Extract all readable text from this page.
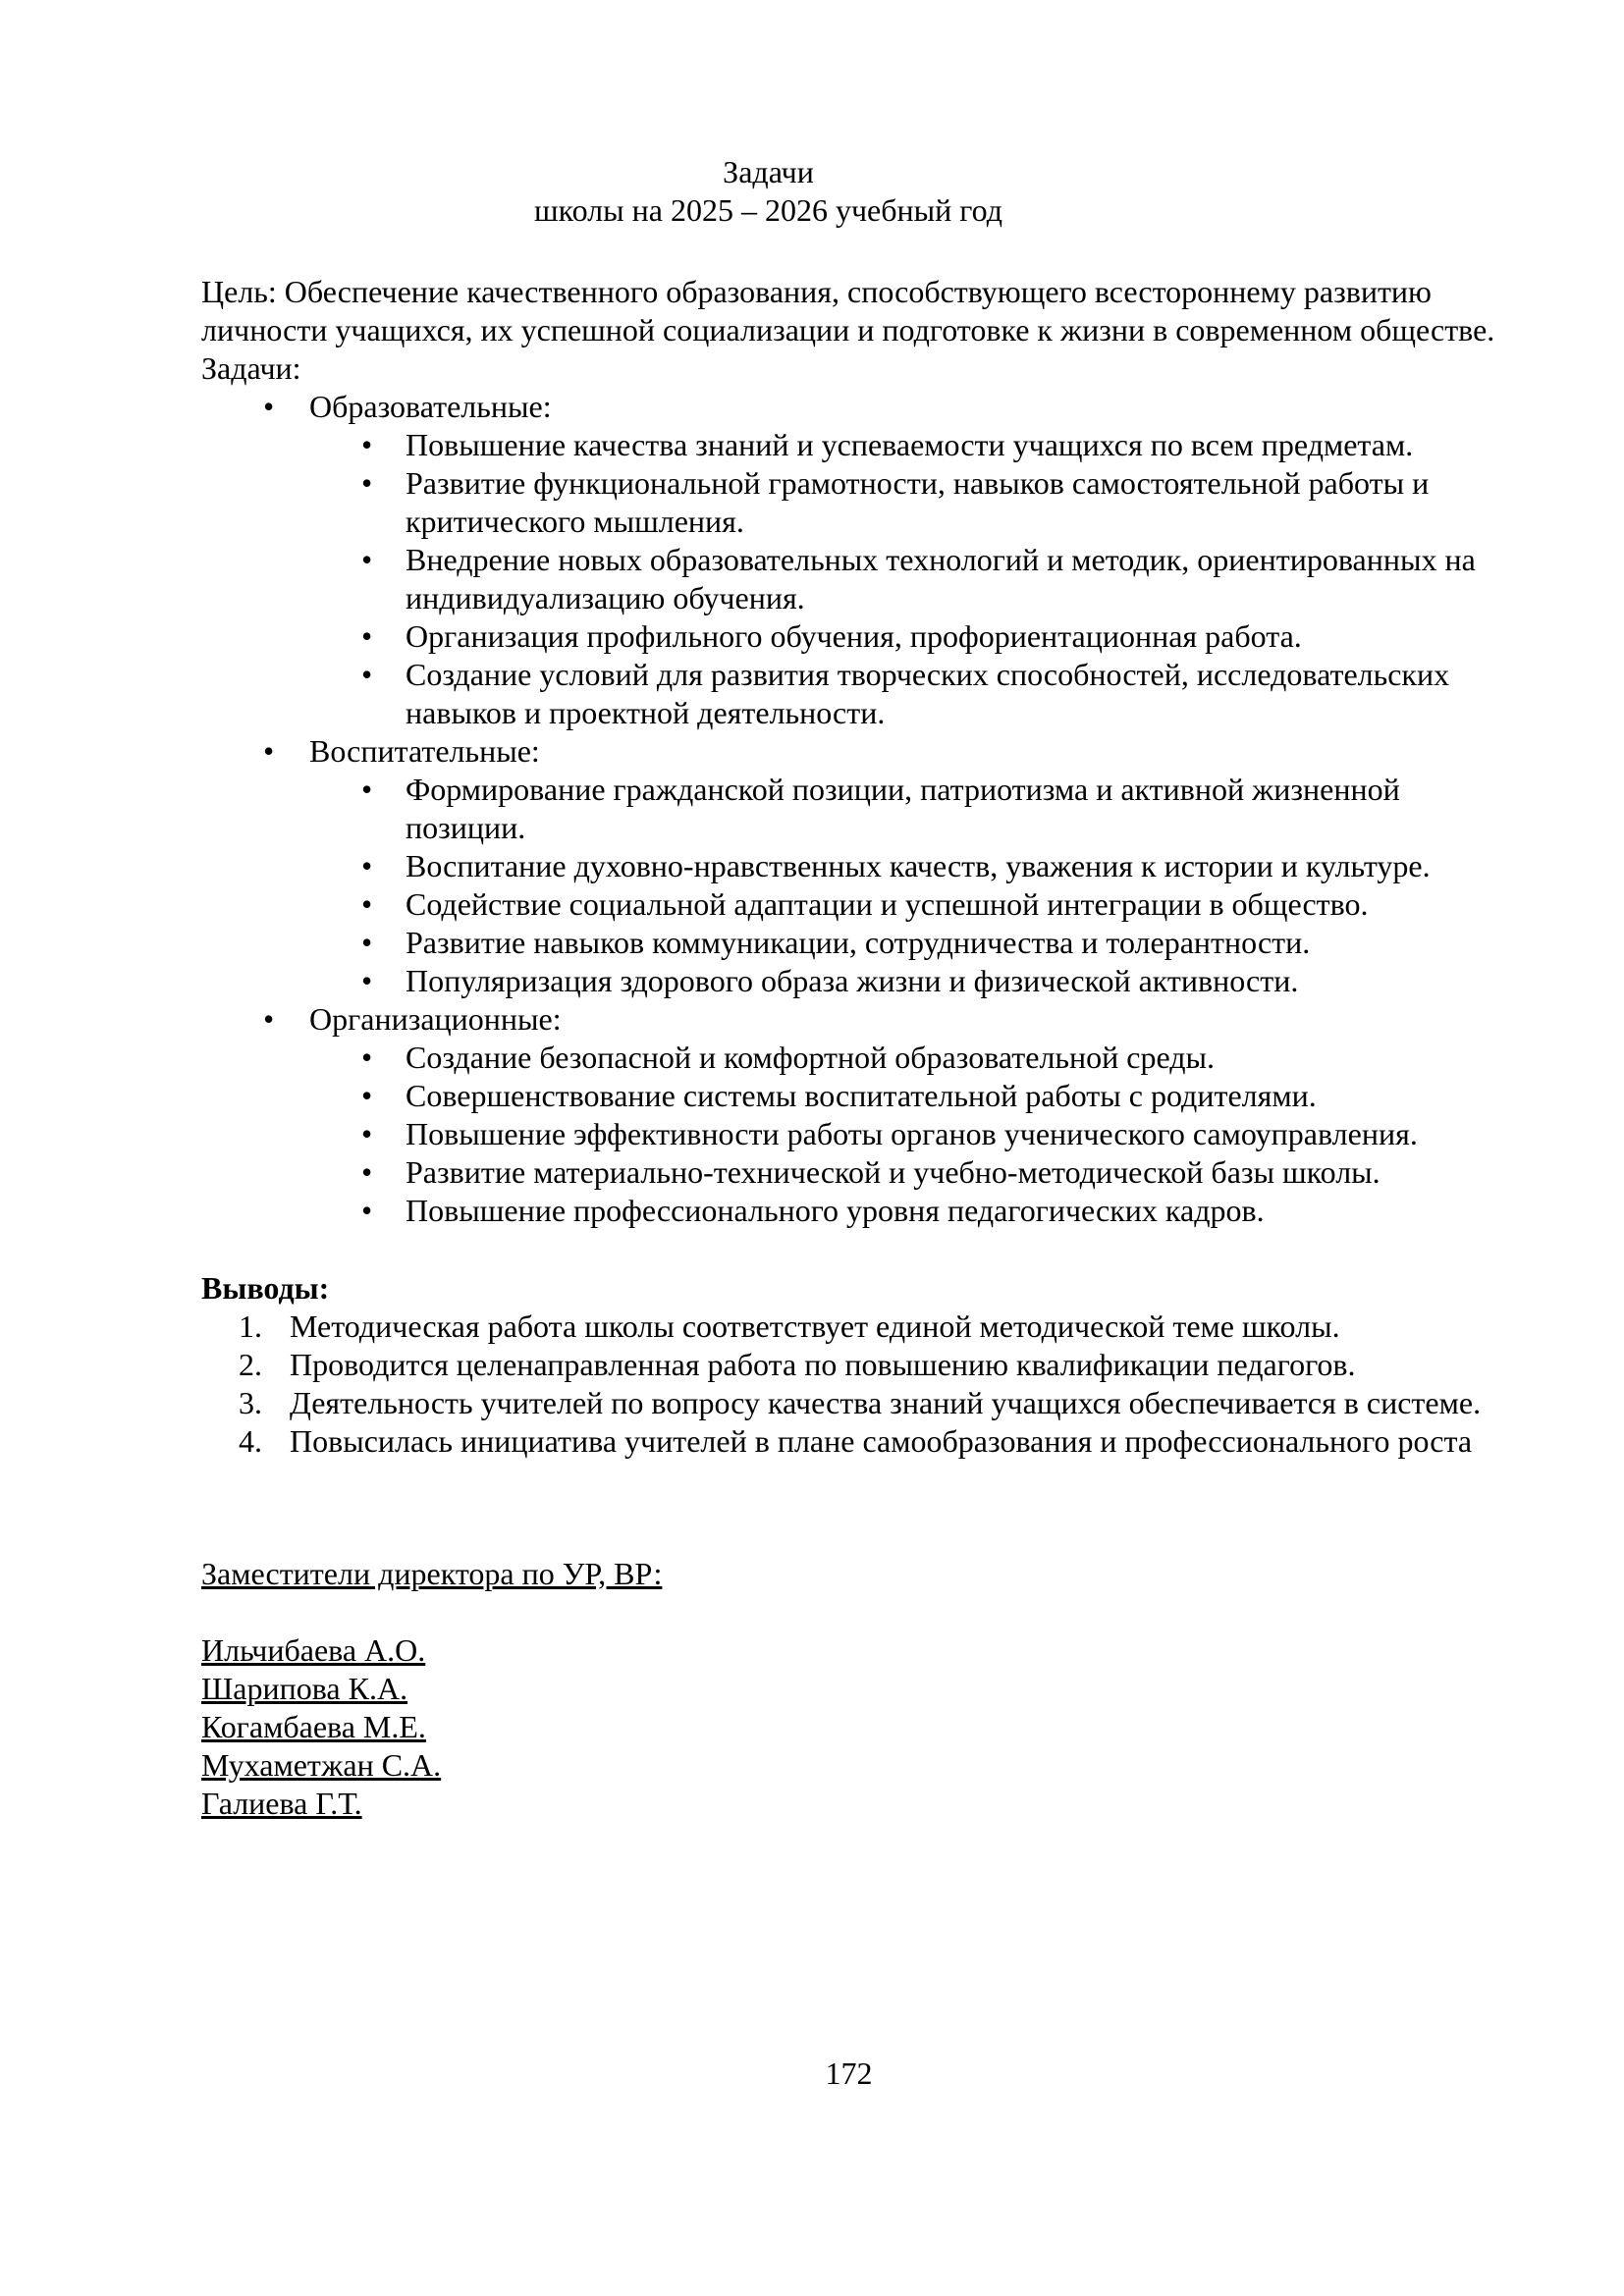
Задачи
школы на 2025 – 2026 учебный год
Цель: Обеспечение качественного образования, способствующего всестороннему развитию личности учащихся, их успешной социализации и подготовке к жизни в современном обществе.
Задачи:
• Образовательные:
• Повышение качества знаний и успеваемости учащихся по всем предметам.
• Развитие функциональной грамотности, навыков самостоятельной работы и критического мышления.
• Внедрение новых образовательных технологий и методик, ориентированных на индивидуализацию обучения.
• Организация профильного обучения, профориентационная работа.
• Создание условий для развития творческих способностей, исследовательских навыков и проектной деятельности.
• Воспитательные:
• Формирование гражданской позиции, патриотизма и активной жизненной позиции.
• Воспитание духовно-нравственных качеств, уважения к истории и культуре.
• Содействие социальной адаптации и успешной интеграции в общество.
• Развитие навыков коммуникации, сотрудничества и толерантности.
• Популяризация здорового образа жизни и физической активности.
• Организационные:
• Создание безопасной и комфортной образовательной среды.
• Совершенствование системы воспитательной работы с родителями.
• Повышение эффективности работы органов ученического самоуправления.
• Развитие материально-технической и учебно-методической базы школы.
• Повышение профессионального уровня педагогических кадров.
Выводы:
1. Методическая работа школы соответствует единой методической теме школы.
2. Проводится целенаправленная работа по повышению квалификации педагогов.
3. Деятельность учителей по вопросу качества знаний учащихся обеспечивается в системе.
4. Повысилась инициатива учителей в плане самообразования и профессионального роста
Заместители директора по УР, ВР:
Ильчибаева А.О.
Шарипова К.А.
Когамбаева М.Е.
Мухаметжан С.А.
Галиева Г.Т.
172
